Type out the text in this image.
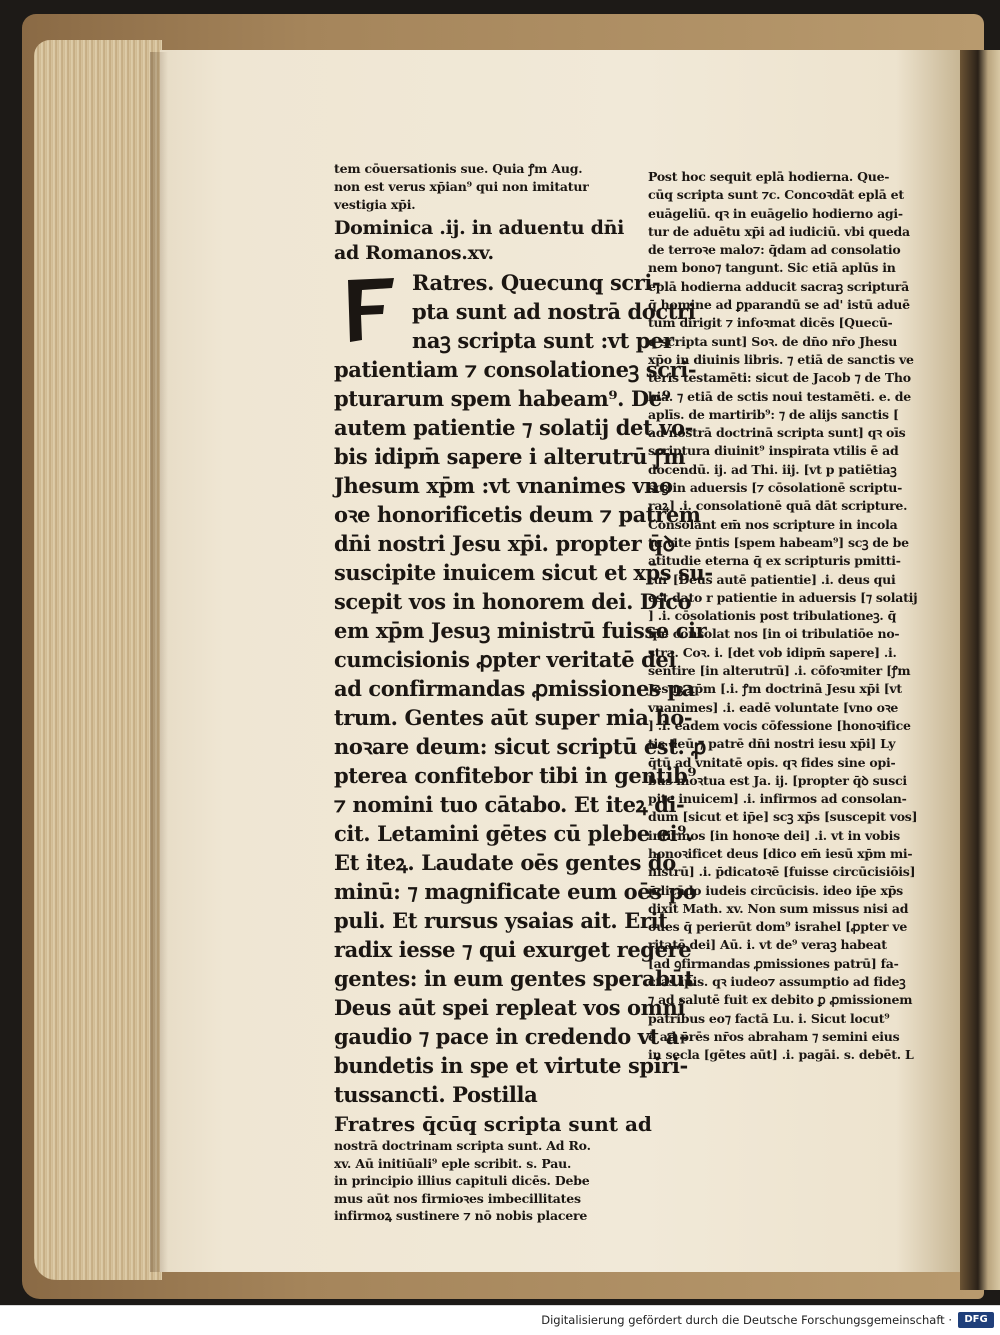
tem cōuersationis sue. Quia ꝭm Aug.
non est verus xp̄ian⁹ qui non imitatur
vestigia xp̄i.
Dominica .ij. in aduentu dn̄i
ad Romanos.xv.
Ratres. Quecunq̧ scri-
pta sunt ad nostrā doctri
naꝫ scripta sunt :vt per
patientiam ⁊ consolationeꝫ scri-
pturarum spem habeam⁹. De⁹
autem patientie ⁊ solatij det vo-
bis idipm̄ sapere i alterutrū ꝭm
Jhesum xp̄m :vt vnanimes vno
oꝛe honorificetis deum ⁊ patrem
dn̄i nostri Jesu xp̄i. propter q̄ꝺ
suscipite inuicem sicut et xp̄s su-
scepit vos in honorem dei. Dico
em xp̄m Jesuꝫ ministrū fuisse cir
cumcisionis ꝓpter veritatē dei
ad confirmandas ꝓmissiones pa
trum. Gentes aūt super mia ho-
noꝛare deum: sicut scriptū est. ꝓ
pterea confitebor tibi in gentib⁹
⁊ nomini tuo cātabo. Et iteꝝ di-
cit. Letamini gētes cū plebe ei⁹.
Et iteꝝ. Laudate oēs gentes do
minū: ⁊ magnificate eum oēs po
puli. Et rursus ysaias ait. Erit
radix iesse ⁊ qui exurget regere
gentes: in eum gentes sperabūt
Deus aūt spei repleat vos omni
gaudio ⁊ pace in credendo vt a-
bundetis in spe et virtute spiri-
tussancti. Postilla
Fratres q̄cūq̧ scripta sunt ad
nostrā doctrinam scripta sunt. Ad Ro.
xv. Aū initiūali⁹ eple scribit. s. Pau.
in principio illius capituli dicēs. Debe
mus aūt nos firmioꝛes imbecillitates
infirmoꝝ sustinere ⁊ nō nobis placere
Post hoc sequit eplā hodierna. Que-
cūq̧ scripta sunt ⁊c. Concoꝛdāt eplā et
euāgeliū. qꝛ in euāgelio hodierno agi-
tur de aduētu xp̄i ad iudiciū. vbi queda
de terroꝛe malo⁊: q̄dam ad consolatio
nem bono⁊ tangunt. Sic etiā aplūs in
eplā hodierna adducit sacraꝫ scripturā
q̄ homine ad ꝑparandū se ad' istū aduē
tum dirigit ⁊ infoꝛmat dicēs [Quecū-
q̧ scripta sunt] Soꝛ. de dn̄o nr̄o Jhesu
xp̄o in diuinis libris. ⁊ etiā de sanctis ve
teris testamēti: sicut de Jacob ⁊ de Tho
bia. ⁊ etiā de sctis noui testamēti. e. de
aplīs. de martirib⁹: ⁊ de alijs sanctis [
ad nostrā doctrinā scripta sunt] qꝛ oīs
scriptura diuinit⁹ inspirata vtilis ē ad
docendū. ij. ad Thi. iij. [vt p patiētiaꝫ
scꝫ in aduersis [⁊ cōsolationē scriptu-
raꝝ] .i. consolationē quā dāt scripture.
Consolant em̄ nos scripture in incola
tu vite p̄ntis [spem habeam⁹] scꝫ de be
atitudie eterna q̄ ex scripturis pmitti-
tur [Deus autē patientie] .i. deus qui
est dato r patientie in aduersis [⁊ solatij
] .i. cōsolationis post tribulationeꝫ. q̄
ip̄e consolat nos [in oi tribulatiōe no-
stra. Coꝛ. i. [det vob idipm̄ sapere] .i.
sentire [in alterutrū] .i. cōfoꝛmiter [ꝭm
Jesuꝫ xp̄m [.i. ꝭm doctrinā Jesu xp̄i [vt
vnanimes] .i. eadē voluntate [vno oꝛe
] .i. eadem vocis cōfessione [honoꝛifice
tis deū ⁊ patrē dn̄i nostri iesu xp̄i] Ly
q̄tū ad vnitatē opis. qꝛ fides sine opi-
bus moꝛtua est Ja. ij. [propter q̄ꝺ susci
pite inuicem] .i. infirmos ad consolan-
dum [sicut et ip̄e] scꝫ xp̄s [suscepit vos]
infirmos [in honoꝛe dei] .i. vt in vobis
honoꝛificet deus [dico em̄ iesū xp̄m mi-
nistrū] .i. p̄dicatoꝛē [fuisse circūcisiōis]
p̄dicādo iudeis circūcisis. ideo ip̄e xp̄s
dixit Math. xv. Non sum missus nisi ad
oues q̄ perierūt dom⁹ israhel [ꝓpter ve
ritatē dei] Aū. i. vt de⁹ veraꝫ habeat
[ad ꝯfirmandas ꝓmissiones patrū] fa-
ctas ip̄is. qꝛ iudeo⁊ assumptio ad fideꝫ
⁊ ad salutē fuit ex debito ꝑ ꝓmissionem
patribus eo⁊ factā Lu. i. Sicut locut⁹
ē ad p̄rēs nr̄os abraham ⁊ semini eius
in secla [gētes aūt] .i. pagāi. s. debēt. L
Digitalisierung gefördert durch die Deutsche Forschungsgemeinschaft ·	DFG
